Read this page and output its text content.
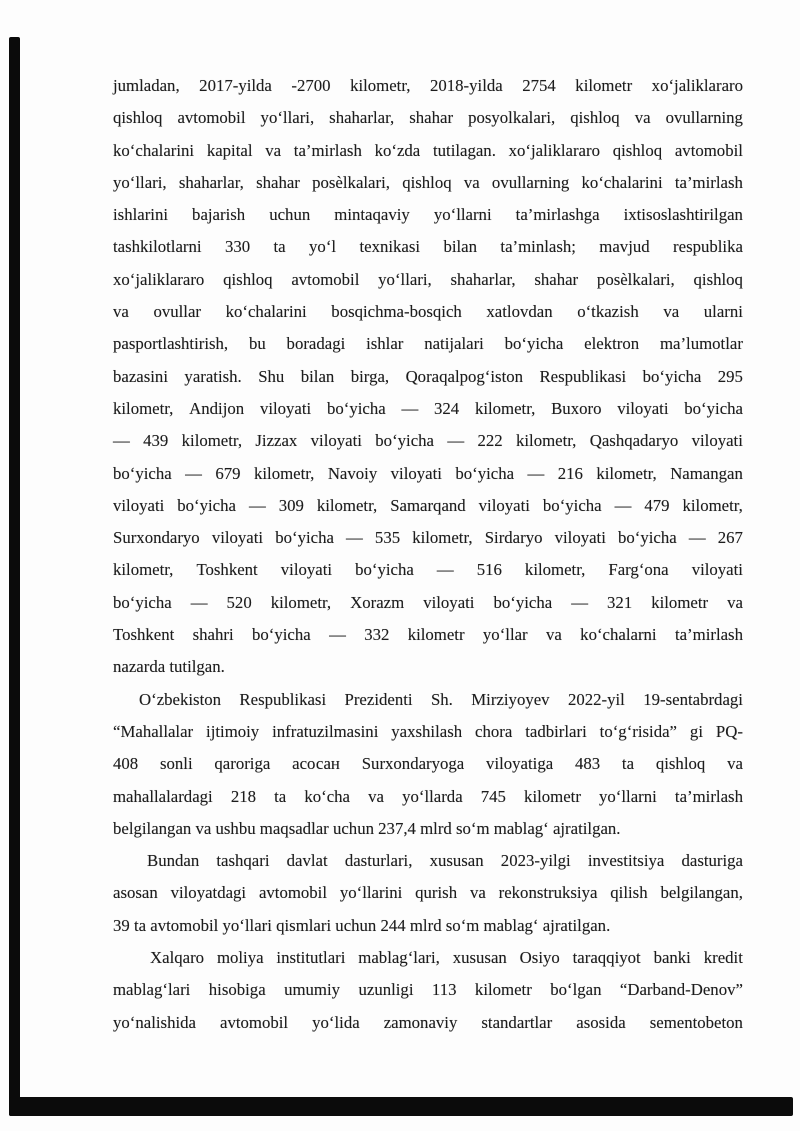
jumladan, 2017-yilda -2700 kilometr, 2018-yilda 2754 kilometr xoʻjaliklararo
qishloq avtomobil yoʻllari, shaharlar, shahar posyolkalari, qishloq va ovullarning
koʻchalarini kapital va ta’mirlash koʻzda tutilagan. xoʻjaliklararo qishloq avtomobil
yoʻllari, shaharlar, shahar posèlkalari, qishloq va ovullarning koʻchalarini ta’mirlash
ishlarini bajarish uchun mintaqaviy yoʻllarni ta’mirlashga ixtisoslashtirilgan
tashkilotlarni 330 ta yoʻl texnikasi bilan ta’minlash; mavjud respublika
xoʻjaliklararo qishloq avtomobil yoʻllari, shaharlar, shahar posèlkalari, qishloq
va ovullar koʻchalarini bosqichma-bosqich xatlovdan oʻtkazish va ularni
pasportlashtirish, bu boradagi ishlar natijalari boʻyicha elektron ma’lumotlar
bazasini yaratish. Shu bilan birga, Qoraqalpogʻiston Respublikasi boʻyicha 295
kilometr, Andijon viloyati boʻyicha — 324 kilometr, Buxoro viloyati boʻyicha
— 439 kilometr, Jizzax viloyati boʻyicha — 222 kilometr, Qashqadaryo viloyati
boʻyicha — 679 kilometr, Navoiy viloyati boʻyicha — 216 kilometr, Namangan
viloyati boʻyicha — 309 kilometr, Samarqand viloyati boʻyicha — 479 kilometr,
Surxondaryo viloyati boʻyicha — 535 kilometr, Sirdaryo viloyati boʻyicha — 267
kilometr, Toshkent viloyati boʻyicha — 516 kilometr, Fargʻona viloyati
boʻyicha — 520 kilometr, Xorazm viloyati boʻyicha — 321 kilometr va
Toshkent shahri boʻyicha — 332 kilometr yoʻllar va koʻchalarni ta’mirlash
nazarda tutilgan.
Oʻzbekiston Respublikasi Prezidenti Sh. Mirziyoyev 2022-yil 19-sentabrdagi
“Mahallalar ijtimoiy infratuzilmasini yaxshilash chora tadbirlari toʻgʻrisida” gi PQ-
408 sonli qaroriga асосан Surxondaryoga viloyatiga 483 ta qishloq va
mahallalardagi 218 ta koʻcha va yoʻllarda 745 kilometr yoʻllarni ta’mirlash
belgilangan va ushbu maqsadlar uchun 237,4 mlrd soʻm mablagʻ ajratilgan.
Bundan tashqari davlat dasturlari, xususan 2023-yilgi investitsiya dasturiga
asosan viloyatdagi avtomobil yoʻllarini qurish va rekonstruksiya qilish belgilangan,
39 ta avtomobil yoʻllari qismlari uchun 244 mlrd soʻm mablagʻ ajratilgan.
Xalqaro moliya institutlari mablagʻlari, xususan Osiyo taraqqiyot banki kredit
mablagʻlari hisobiga umumiy uzunligi 113 kilometr boʻlgan “Darband-Denov”
yoʻnalishida avtomobil yoʻlida zamonaviy standartlar asosida sementobeton
